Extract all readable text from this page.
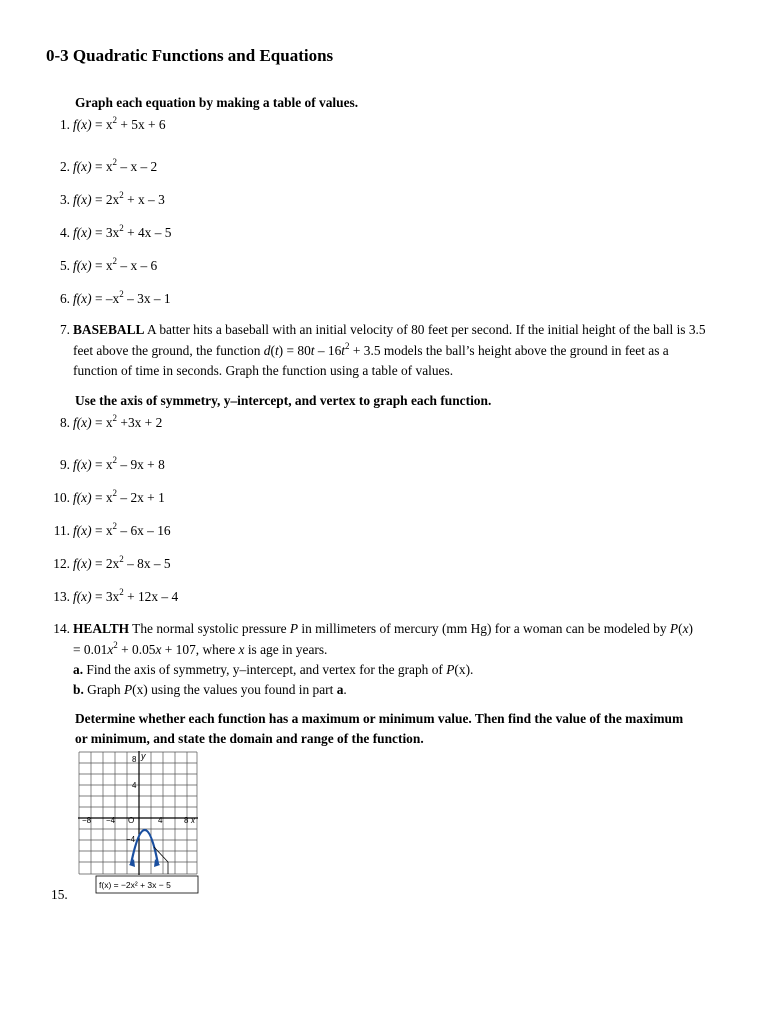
0-3 Quadratic Functions and Equations
Graph each equation by making a table of values.
1. $f(x) = x^2 + 5x + 6$
2. $f(x) = x^2 - x - 2$
3. $f(x) = 2x^2 + x - 3$
4. $f(x) = 3x^2 + 4x - 5$
5. $f(x) = x^2 - x - 6$
6. $f(x) = -x^2 - 3x - 1$
7. BASEBALL A batter hits a baseball with an initial velocity of 80 feet per second. If the initial height of the ball is 3.5
feet above the ground, the function $d(t) = 80t - 16t^2 + 3.5$ models the ball’s height above the ground in feet as a
function of time in seconds. Graph the function using a table of values.
Use the axis of symmetry, y–intercept, and vertex to graph each function.
8. $f(x) = x^2 +3x + 2$
9. $f(x) = x^2 - 9x + 8$
10. $f(x) = x^2 - 2x + 1$
11. $f(x) = x^2 - 6x - 16$
12. $f(x) = 2x^2 - 8x - 5$
13. $f(x) = 3x^2 + 12x - 4$
14. HEALTH The normal systolic pressure P in millimeters of mercury (mm Hg) for a woman can be modeled by P(x)
= $0.01x^2 + 0.05x + 107$, where x is age in years.
a. Find the axis of symmetry, y–intercept, and vertex for the graph of P(x).
b. Graph P(x) using the values you found in part a.
Determine whether each function has a maximum or minimum value. Then find the value of the maximum
or minimum, and state the domain and range of the function.
8 y
4
−8 −4 O	4	8 x
−4
f(x) = −2x² + 3x − 5
15.
